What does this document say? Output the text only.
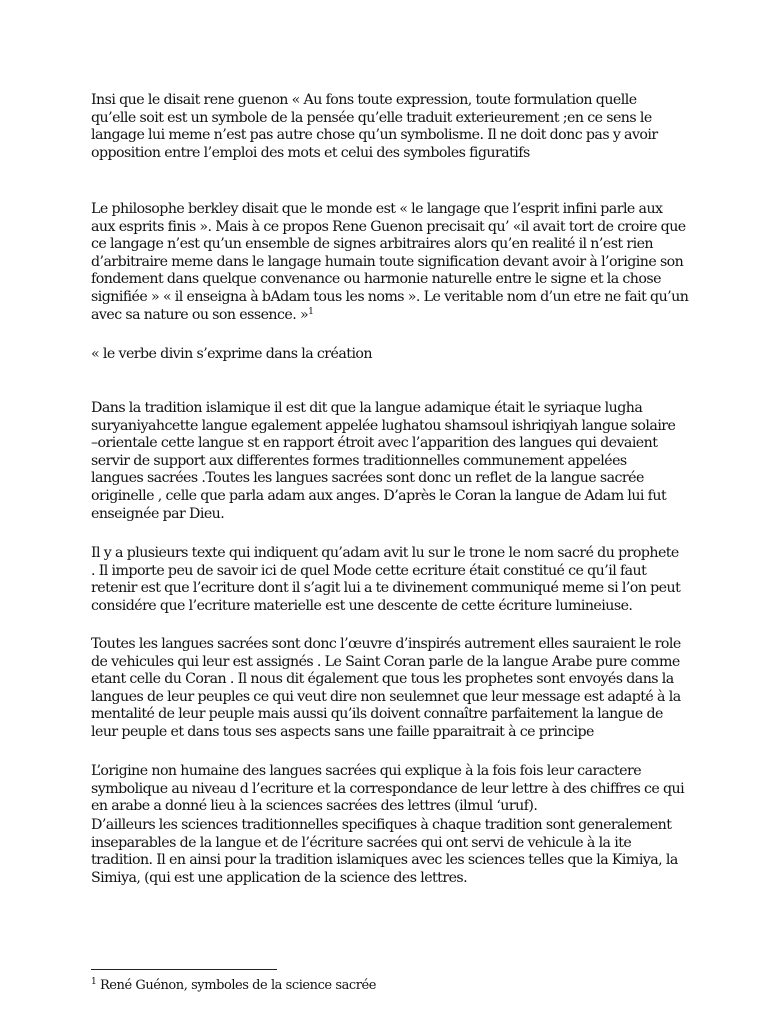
Insi que le disait rene guenon « Au fons toute expression, toute formulation quelle
qu’elle soit est un symbole de la pensée qu’elle traduit exterieurement ;en ce sens le
langage lui meme n’est pas autre chose qu’un symbolisme. Il ne doit donc pas y avoir
opposition entre l’emploi des mots et celui des symboles figuratifs

Le philosophe berkley disait que le monde est « le langage que l’esprit infini parle aux
aux esprits finis ». Mais à ce propos Rene Guenon precisait qu’ «il avait tort de croire que
ce langage n’est qu’un ensemble de signes arbitraires alors qu’en realité il n’est rien
d’arbitraire meme dans le langage humain toute signification devant avoir à l’origine son
fondement dans quelque convenance ou harmonie naturelle entre le signe et la chose
signifiée » « il enseigna à bAdam tous les noms ». Le veritable nom d’un etre ne fait qu’un
avec sa nature ou son essence. »$^1$

« le verbe divin s’exprime dans la création

Dans la tradition islamique il est dit que la langue adamique était le syriaque lugha
suryaniyahcette langue egalement appelée lughatou shamsoul ishriqiyah langue solaire
–orientale cette langue st en rapport étroit avec l’apparition des langues qui devaient
servir de support aux differentes formes traditionnelles communement appelées
langues sacrées .Toutes les langues sacrées sont donc un reflet de la langue sacrée
originelle , celle que parla adam aux anges. D’après le Coran la langue de Adam lui fut
enseignée par Dieu.

Il y a plusieurs texte qui indiquent qu’adam avit lu sur le trone le nom sacré du prophete
. Il importe peu de savoir ici de quel Mode cette ecriture était constitué ce qu’il faut
retenir est que l’ecriture dont il s’agit lui a te divinement communiqué meme si l’on peut
considére que l’ecriture materielle est une descente de cette écriture lumineiuse.

Toutes les langues sacrées sont donc l’œuvre d’inspirés autrement elles sauraient le role
de vehicules qui leur est assignés . Le Saint Coran parle de la langue Arabe pure comme
etant celle du Coran . Il nous dit également que tous les prophetes sont envoyés dans la
langues de leur peuples ce qui veut dire non seulemnet que leur message est adapté à la
mentalité de leur peuple mais aussi qu’ils doivent connaître parfaitement la langue de
leur peuple et dans tous ses aspects sans une faille pparaitrait à ce principe

L’origine non humaine des langues sacrées qui explique à la fois fois leur caractere
symbolique au niveau d l’ecriture et la correspondance de leur lettre à des chiffres ce qui
en arabe a donné lieu à la sciences sacrées des lettres (ilmul ‘uruf).

D’ailleurs les sciences traditionnelles specifiques à chaque tradition sont generalement
inseparables de la langue et de l’écriture sacrées qui ont servi de vehicule à la ite
tradition. Il en ainsi pour la tradition islamiques avec les sciences telles que la Kimiya, la
Simiya, (qui est une application de la science des lettres.

$^1$ René Guénon, symboles de la science sacrée
